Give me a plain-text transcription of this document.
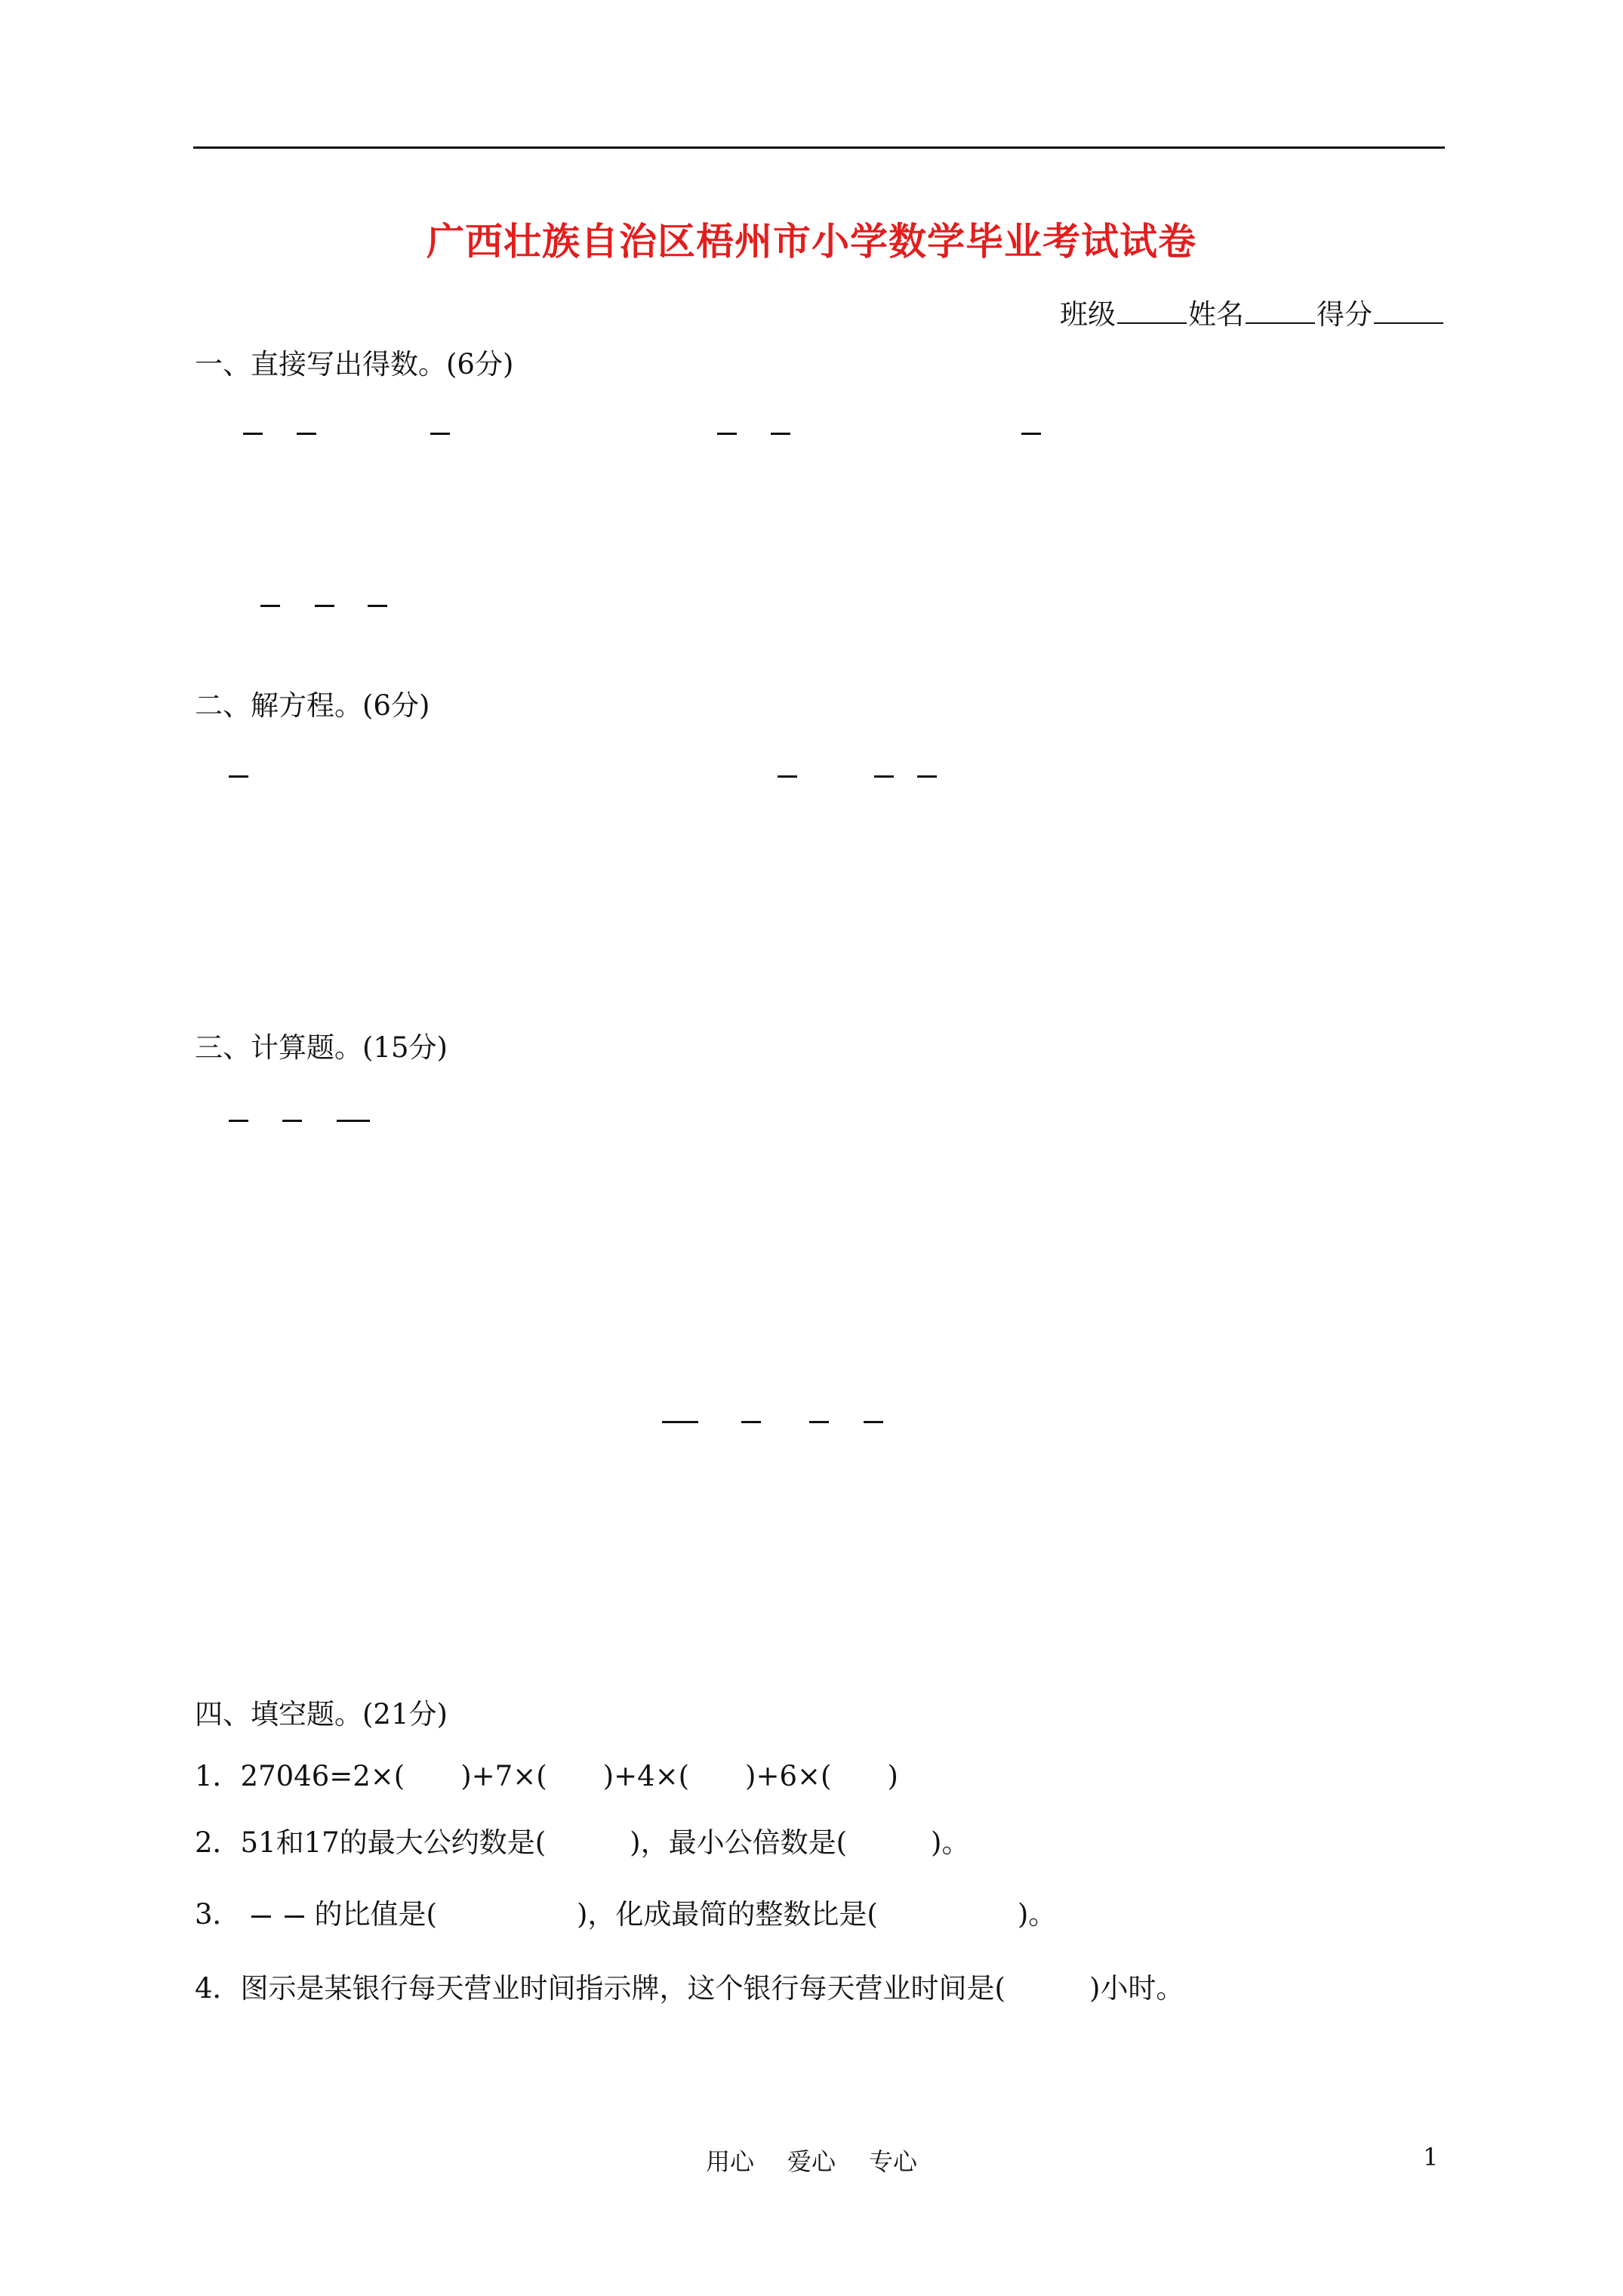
广西壮族自治区梧州市小学数学毕业考试试卷
班级	姓名	得分
一、直接写出得数。(6分)
二、解方程。(6分)
三、计算题。(15分)
四、填空题。(21分)
1．27046=2×(　　)+7×(　　)+4×(　　)+6×(　　)
2．51和17的最大公约数是(　　　)，最小公倍数是(　　　)。
3．	的比值是(　　　　　)，化成最简的整数比是(　　　　　)。
4．图示是某银行每天营业时间指示牌，这个银行每天营业时间是(　　　)小时。
用心 爱心 专心	1
